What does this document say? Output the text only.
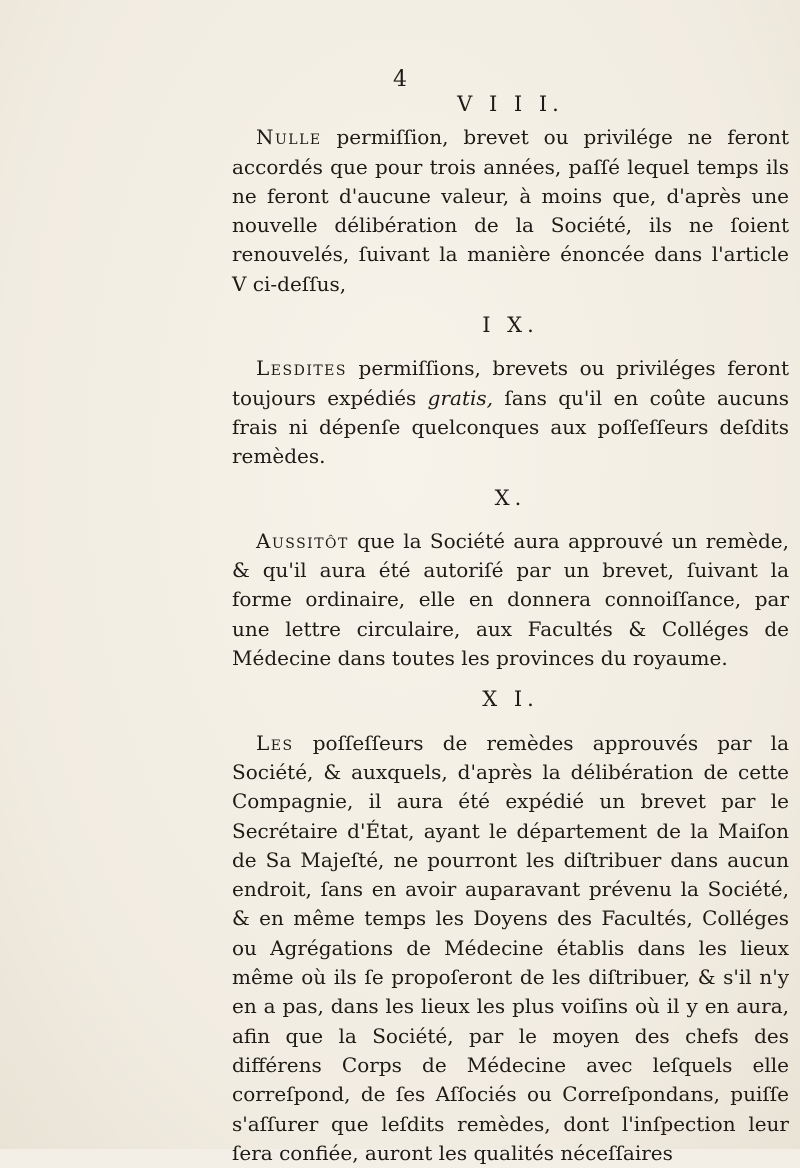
4
V I I I.

Nulle permiſſion, brevet ou privilége ne feront accordés que pour trois années, paſſé lequel temps ils ne feront d'aucune valeur, à moins que, d'après une nouvelle délibération de la Société, ils ne ſoient renouvelés, ſuivant la manière énoncée dans l'article V ci-deſſus,

I X.

Lesdites permiſſions, brevets ou priviléges feront toujours expédiés gratis, ſans qu'il en coûte aucuns frais ni dépenſe quelconques aux poſſeſſeurs deſdits remèdes.

X.

Aussitôt que la Société aura approuvé un remède, & qu'il aura été autoriſé par un brevet, ſuivant la forme ordinaire, elle en donnera connoiſſance, par une lettre circulaire, aux Facultés & Colléges de Médecine dans toutes les provinces du royaume.

X I.

Les poſſeſſeurs de remèdes approuvés par la Société, & auxquels, d'après la délibération de cette Compagnie, il aura été expédié un brevet par le Secrétaire d'État, ayant le département de la Maiſon de Sa Majeſté, ne pourront les diſtribuer dans aucun endroit, ſans en avoir auparavant prévenu la Société, & en même temps les Doyens des Facultés, Colléges ou Agrégations de Médecine établis dans les lieux même où ils ſe propoſeront de les diſtribuer, & s'il n'y en a pas, dans les lieux les plus voiſins où il y en aura, afin que la Société, par le moyen des chefs des différens Corps de Médecine avec leſquels elle correſpond, de ſes Aſſociés ou Correſpondans, puiſſe s'aſſurer que leſdits remèdes, dont l'inſpection leur ſera confiée, auront les qualités néceſſaires
